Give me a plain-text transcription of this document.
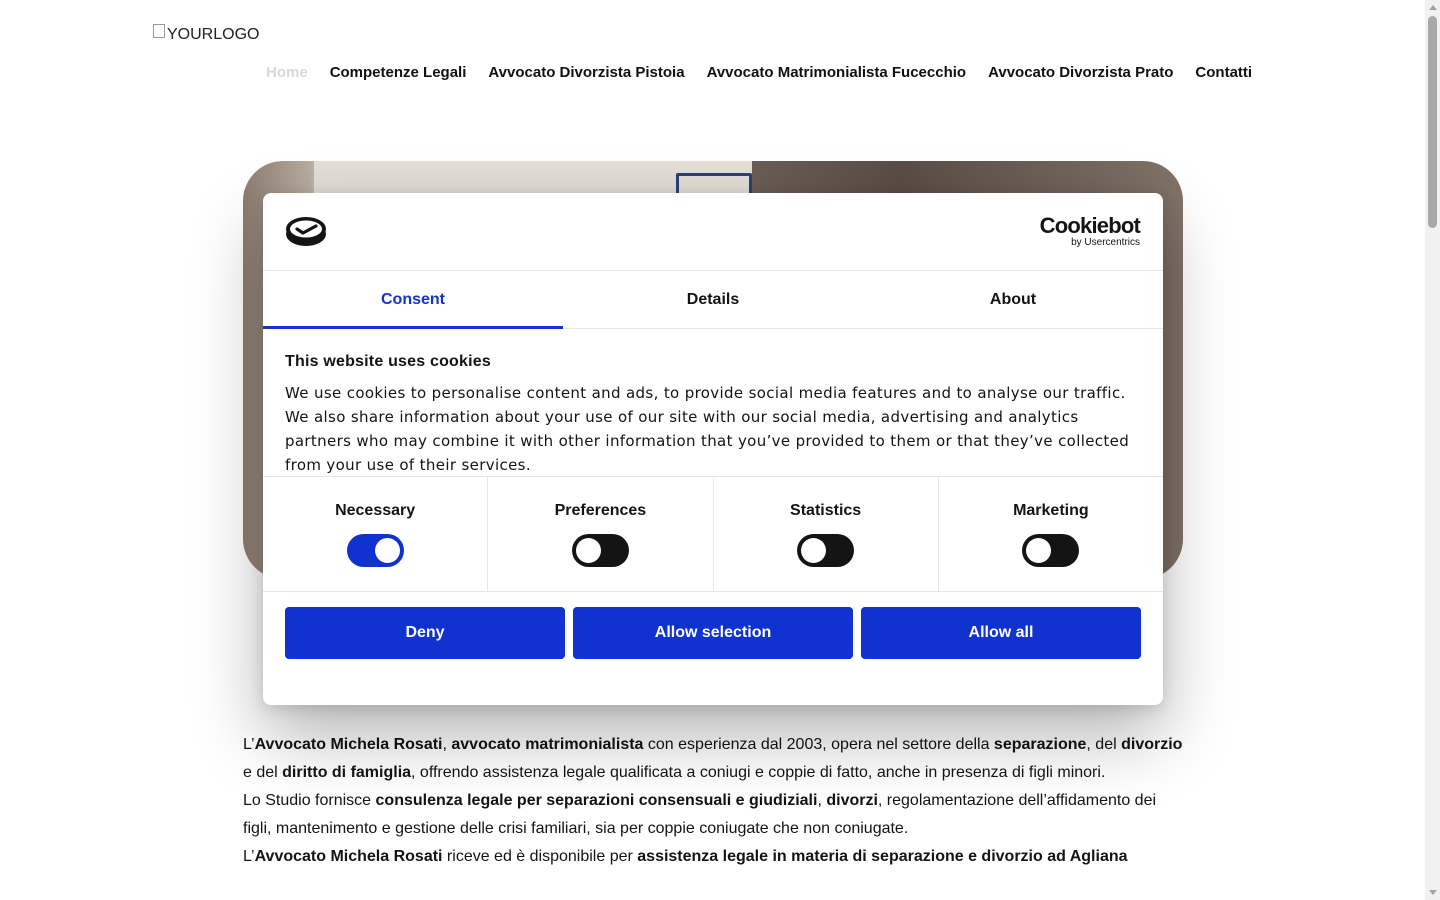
YOURLOGO
Home Competenze Legali Avvocato Divorzista Pistoia Avvocato Matrimonialista Fucecchio Avvocato Divorzista Prato Contatti

L’Avvocato Michela Rosati, avvocato matrimonialista con esperienza dal 2003, opera nel settore della separazione, del divorzio e del diritto di famiglia, offrendo assistenza legale qualificata a coniugi e coppie di fatto, anche in presenza di figli minori.

Lo Studio fornisce consulenza legale per separazioni consensuali e giudiziali, divorzi, regolamentazione dell’affidamento dei figli, mantenimento e gestione delle crisi familiari, sia per coppie coniugate che non coniugate.

L’Avvocato Michela Rosati riceve ed è disponibile per assistenza legale in materia di separazione e divorzio ad Agliana

Cookiebot
by Usercentrics
Consent	Details	About
This website uses cookies

We use cookies to personalise content and ads, to provide social media features and to analyse our traffic. We also share information about your use of our site with our social media, advertising and analytics partners who may combine it with other information that you’ve provided to them or that they’ve collected from your use of their services.

Necessary	Preferences	Statistics	Marketing
Deny	Allow selection	Allow all
